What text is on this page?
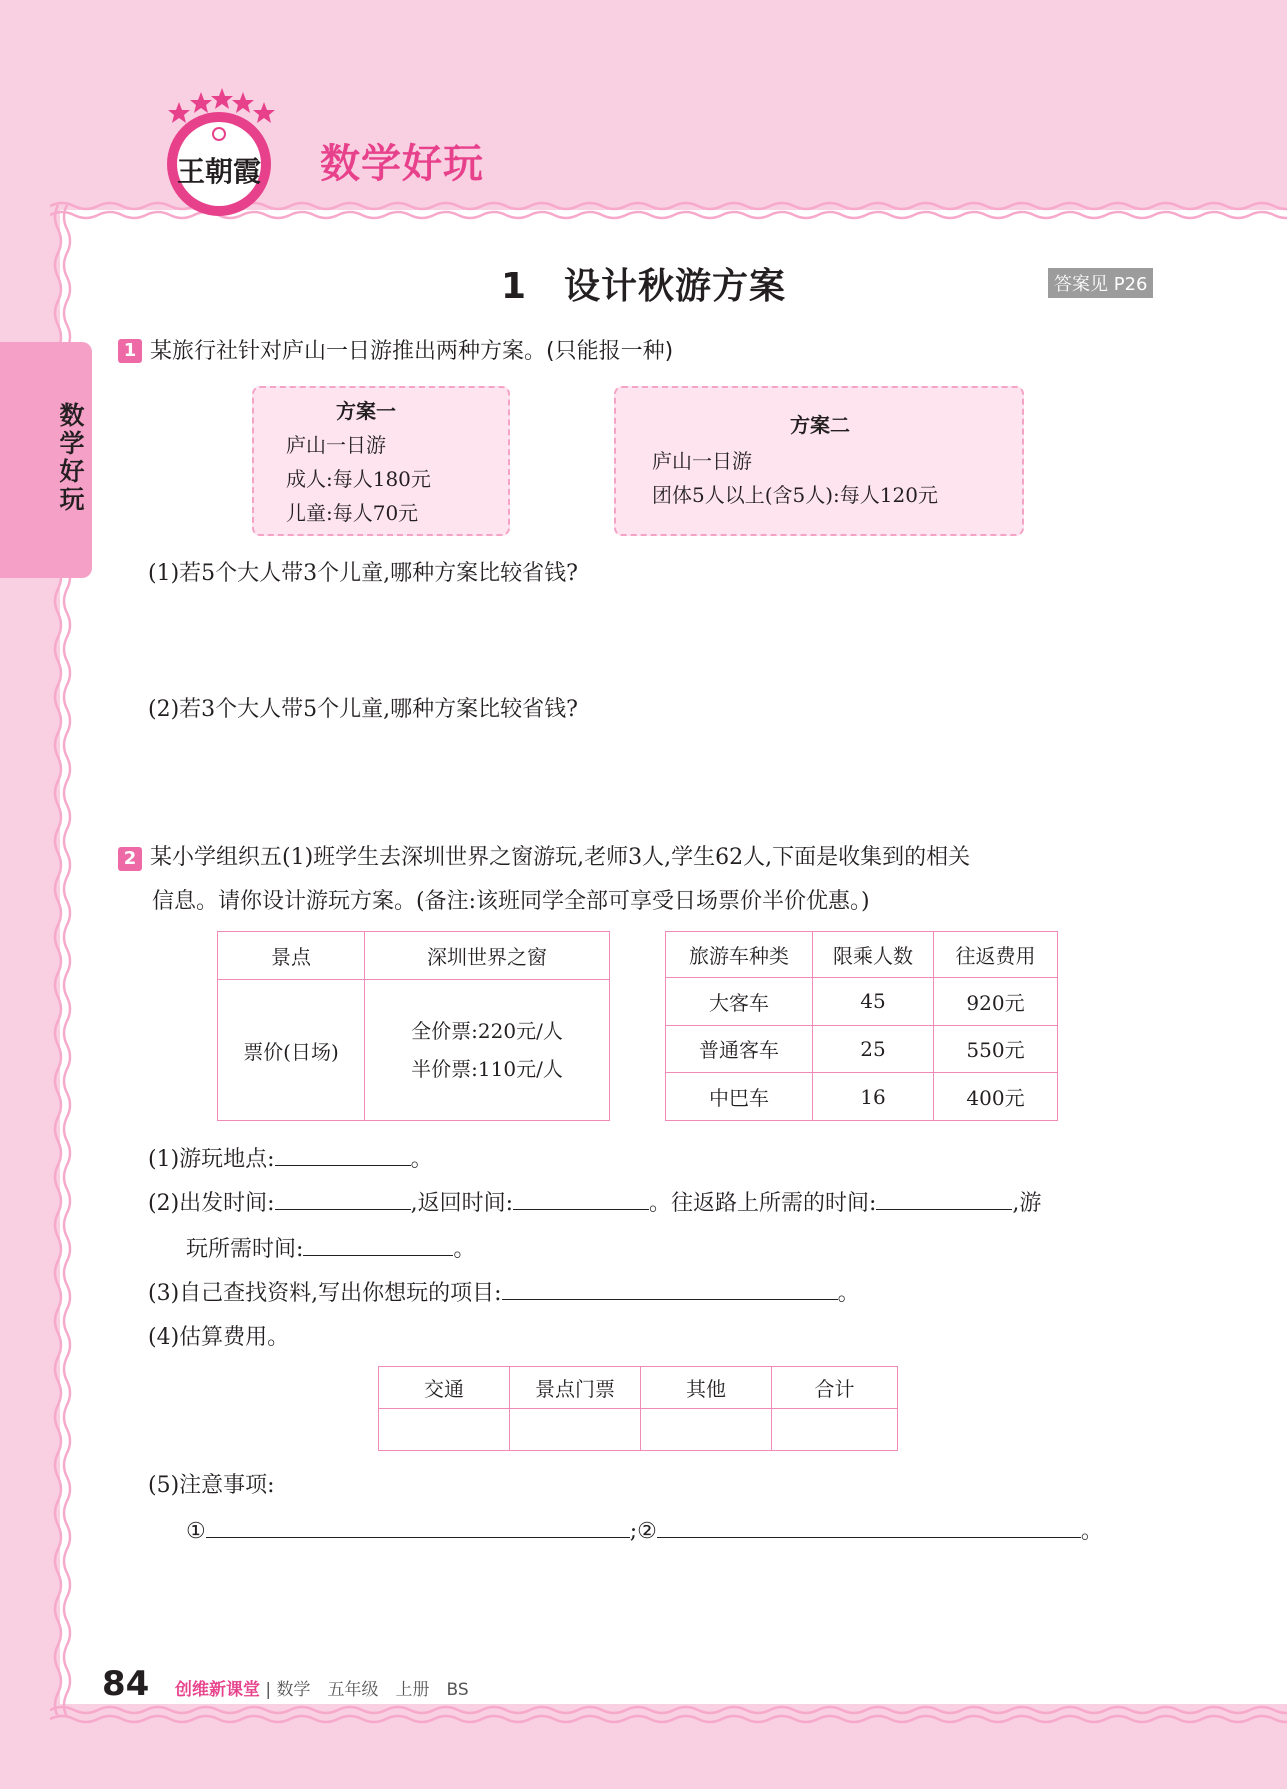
王朝霞 数学好玩
数学好玩
1　设计秋游方案	答案见 P26
1 某旅行社针对庐山一日游推出两种方案。(只能报一种)
方案一
庐山一日游
成人:每人180元
儿童:每人70元
方案二
庐山一日游
团体5人以上(含5人):每人120元
(1)若5个大人带3个儿童,哪种方案比较省钱?
(2)若3个大人带5个儿童,哪种方案比较省钱?
2 某小学组织五(1)班学生去深圳世界之窗游玩,老师3人,学生62人,下面是收集到的相关
信息。请你设计游玩方案。(备注:该班同学全部可享受日场票价半价优惠。)
景点	深圳世界之窗
票价(日场)	全价票:220元/人
半价票:110元/人
旅游车种类	限乘人数	往返费用
大客车	45	920元
普通客车	25	550元
中巴车	16	400元
(1)游玩地点:	。
(2)出发时间:	,返回时间:	。往返路上所需的时间:	,游
玩所需时间:	。
(3)自己查找资料,写出你想玩的项目:	。
(4)估算费用。
交通	景点门票	其他	合计

(5)注意事项:
①	;②	。
84 创维新课堂 | 数学　五年级　上册　BS
